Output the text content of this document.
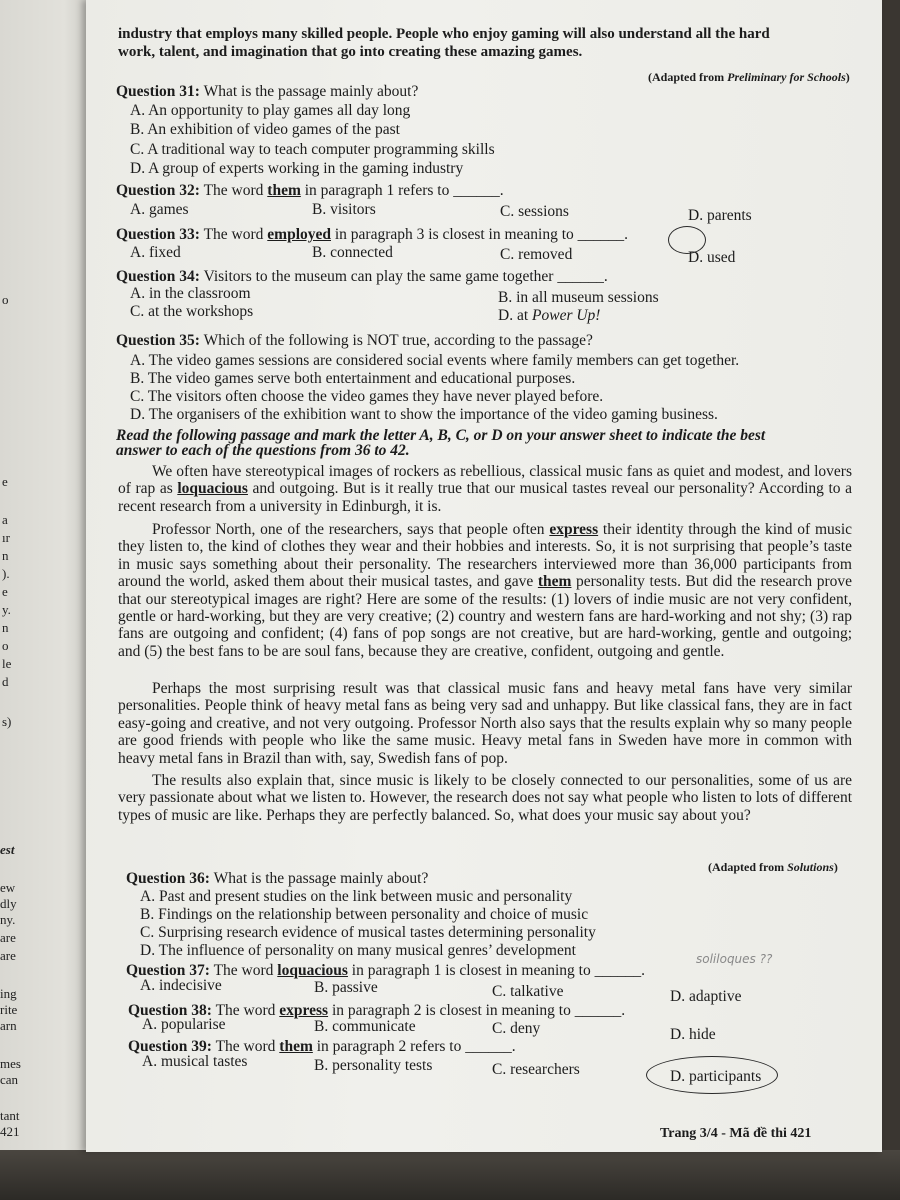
o
e
a
ır
n
).
e
y.
n
o
le
d
s)
est
ew
dly
ny.
are
are
ing
rite
arn
mes
can
tant
421
industry that employs many skilled people. People who enjoy gaming will also understand all the hard
work, talent, and imagination that go into creating these amazing games.
(Adapted from Preliminary for Schools)
Question 31: What is the passage mainly about?
A. An opportunity to play games all day long
B. An exhibition of video games of the past
C. A traditional way to teach computer programming skills
D. A group of experts working in the gaming industry
Question 32: The word them in paragraph 1 refers to ______.
A. games	B. visitors	C. sessions	D. parents
Question 33: The word employed in paragraph 3 is closest in meaning to ______.
A. fixed	B. connected	C. removed	D. used
Question 34: Visitors to the museum can play the same game together ______.
A. in the classroom	B. in all museum sessions
C. at the workshops	D. at Power Up!
Question 35: Which of the following is NOT true, according to the passage?
A. The video games sessions are considered social events where family members can get together.
B. The video games serve both entertainment and educational purposes.
C. The visitors often choose the video games they have never played before.
D. The organisers of the exhibition want to show the importance of the video gaming business.
Read the following passage and mark the letter A, B, C, or D on your answer sheet to indicate the best
answer to each of the questions from 36 to 42.
We often have stereotypical images of rockers as rebellious, classical music fans as quiet and modest, and lovers of rap as loquacious and outgoing. But is it really true that our musical tastes reveal our personality? According to a recent research from a university in Edinburgh, it is.
Professor North, one of the researchers, says that people often express their identity through the kind of music they listen to, the kind of clothes they wear and their hobbies and interests. So, it is not surprising that people’s taste in music says something about their personality. The researchers interviewed more than 36,000 participants from around the world, asked them about their musical tastes, and gave them personality tests. But did the research prove that our stereotypical images are right? Here are some of the results: (1) lovers of indie music are not very confident, gentle or hard-working, but they are very creative; (2) country and western fans are hard-working and not shy; (3) rap fans are outgoing and confident; (4) fans of pop songs are not creative, but are hard-working, gentle and outgoing; and (5) the best fans to be are soul fans, because they are creative, confident, outgoing and gentle.
Perhaps the most surprising result was that classical music fans and heavy metal fans have very similar personalities. People think of heavy metal fans as being very sad and unhappy. But like classical fans, they are in fact easy-going and creative, and not very outgoing. Professor North also says that the results explain why so many people are good friends with people who like the same music. Heavy metal fans in Sweden have more in common with heavy metal fans in Brazil than with, say, Swedish fans of pop.
The results also explain that, since music is likely to be closely connected to our personalities, some of us are very passionate about what we listen to. However, the research does not say what people who listen to lots of different types of music are like. Perhaps they are perfectly balanced. So, what does your music say about you?
(Adapted from Solutions)
Question 36: What is the passage mainly about?
A. Past and present studies on the link between music and personality
B. Findings on the relationship between personality and choice of music
C. Surprising research evidence of musical tastes determining personality
D. The influence of personality on many musical genres’ development
Question 37: The word loquacious in paragraph 1 is closest in meaning to ______.
A. indecisive	B. passive	C. talkative	D. adaptive
soliloques ??
Question 38: The word express in paragraph 2 is closest in meaning to ______.
A. popularise	B. communicate	C. deny	D. hide
Question 39: The word them in paragraph 2 refers to ______.
A. musical tastes	B. personality tests	C. researchers	D. participants
Trang 3/4 - Mã đề thi 421
